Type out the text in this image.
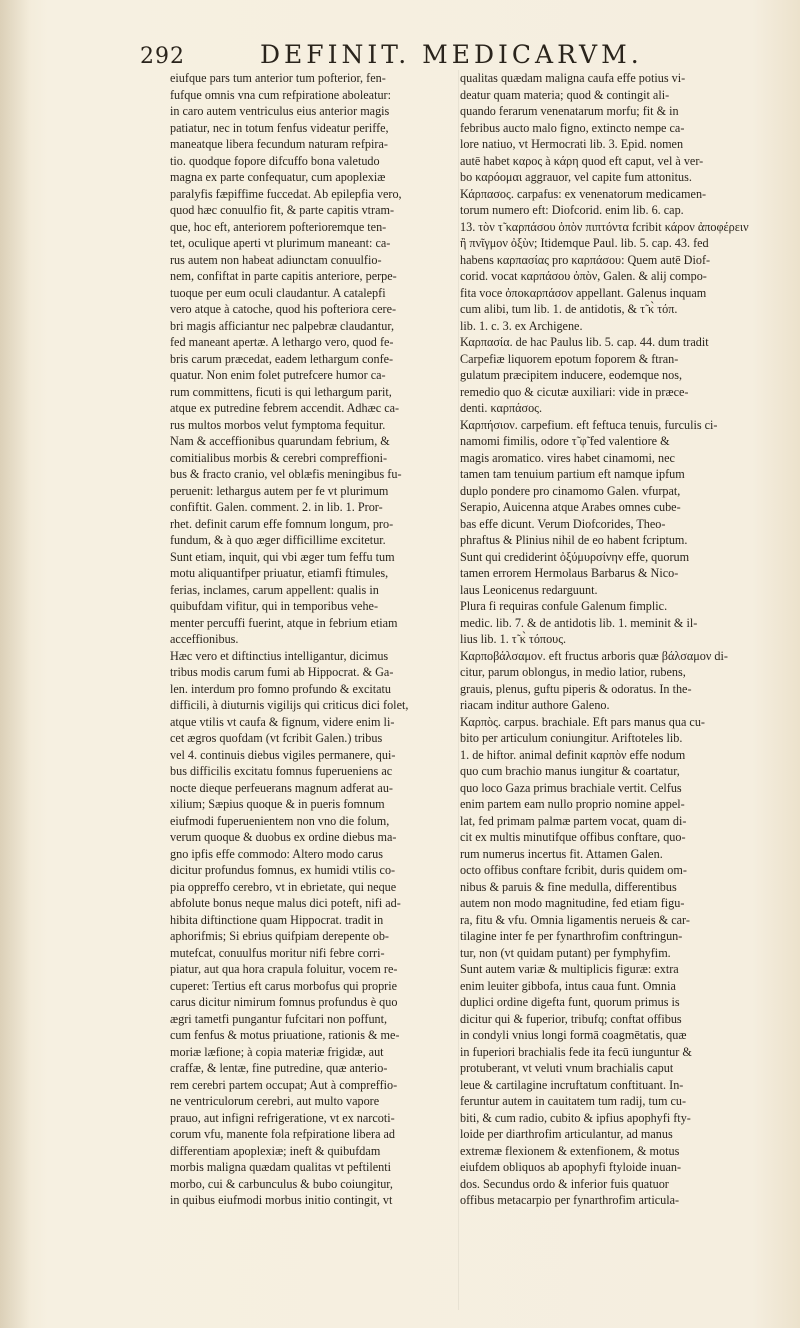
292	DEFINIT. MEDICARVM.
eiufque pars tum anterior tum pofterior, fen-
fufque omnis vna cum refpiratione aboleatur:
in caro autem ventriculus eius anterior magis
patiatur, nec in totum fenfus videatur periffe,
maneatque libera fecundum naturam refpira-
tio. quodque fopore difcuffo bona valetudo
magna ex parte confequatur, cum apoplexiæ
paralyfis fæpiffime fuccedat. Ab epilepfia vero,
quod hæc conuulfio fit, & parte capitis vtram-
que, hoc eft, anteriorem pofterioremque ten-
tet, oculique aperti vt plurimum maneant: ca-
rus autem non habeat adiunctam conuulfio-
nem, confiftat in parte capitis anteriore, perpe-
tuoque per eum oculi claudantur. A catalepfi
vero atque à catoche, quod his pofteriora cere-
bri magis afficiantur nec palpebræ claudantur,
fed maneant apertæ. A lethargo vero, quod fe-
bris carum præcedat, eadem lethargum confe-
quatur. Non enim folet putrefcere humor ca-
rum committens, ficuti is qui lethargum parit,
atque ex putredine febrem accendit. Adhæc ca-
rus multos morbos velut fymptoma fequitur.
Nam & acceffionibus quarundam febrium, &
comitialibus morbis & cerebri compreffioni-
bus & fracto cranio, vel oblæfis meningibus fu-
peruenit: lethargus autem per fe vt plurimum
confiftit. Galen. comment. 2. in lib. 1. Pror-
rhet. definit carum effe fomnum longum, pro-
fundum, & à quo æger difficillime excitetur.
Sunt etiam, inquit, qui vbi æger tum feffu tum
motu aliquantifper priuatur, etiamfi ftimules,
ferias, inclames, carum appellent: qualis in
quibufdam vifitur, qui in temporibus vehe-
menter percuffi fuerint, atque in febrium etiam
acceffionibus.
» Hæc vero et diftinctius intelligantur, dicimus
» tribus modis carum fumi ab Hippocrat. & Ga-
» len. interdum pro fomno profundo & excitatu
» difficili, à diuturnis vigilijs qui criticus dici folet,
» atque vtilis vt caufa & fignum, videre enim li-
» cet ægros quofdam (vt fcribit Galen.) tribus
» vel 4. continuis diebus vigiles permanere, qui-
» bus difficilis excitatu fomnus fuperueniens ac
» nocte dieque perfeuerans magnum adferat au-
» xilium; Sæpius quoque & in pueris fomnum
» eiufmodi fuperuenientem non vno die folum,
» verum quoque & duobus ex ordine diebus ma-
» gno ipfis effe commodo: Altero modo carus
» dicitur profundus fomnus, ex humidi vtilis co-
» pia oppreffo cerebro, vt in ebrietate, qui neque
» abfolute bonus neque malus dici poteft, nifi ad-
» hibita diftinctione quam Hippocrat. tradit in
» aphorifmis; Si ebrius quifpiam derepente ob-
» mutefcat, conuulfus moritur nifi febre corri-
» piatur, aut qua hora crapula foluitur, vocem re-
» cuperet: Tertius eft carus morbofus qui proprie
» carus dicitur nimirum fomnus profundus è quo
» ægri tametfi pungantur fufcitari non poffunt,
» cum fenfus & motus priuatione, rationis & me-
» moriæ læfione; à copia materiæ frigidæ, aut
» craffæ, & lentæ, fine putredine, quæ anterio-
» rem cerebri partem occupat; Aut à compreffio-
» ne ventriculorum cerebri, aut multo vapore
» prauo, aut infigni refrigeratione, vt ex narcoti-
» corum vfu, manente fola refpiratione libera ad
» differentiam apoplexiæ; ineft & quibufdam
» morbis maligna quædam qualitas vt peftilenti
» morbo, cui & carbunculus & bubo coiungitur,
» in quibus eiufmodi morbus initio contingit, vt
qualitas quædam maligna caufa effe potius vi-
deatur quam materia; quod & contingit ali-
quando ferarum venenatarum morfu; fit & in
febribus aucto malo figno, extincto nempe ca-
lore natiuo, vt Hermocrati lib. 3. Epid. nomen
autē habet καρος à κάρη quod eft caput, vel à ver-
bo καρόομαι aggrauor, vel capite fum attonitus.
Κάρπασος. carpafus: ex venenatorum medicamen-
torum numero eft: Diofcorid. enim lib. 6. cap.
13. τὸν τ̃ καρπάσου ὀπὸν πιπτόντα fcribit κάρον ἀποφέρειν
ἢ πνῖγμον ὀξὺν; Itidemque Paul. lib. 5. cap. 43. fed
habens καρπασίας pro καρπάσου: Quem autē Diof-
corid. vocat καρπάσου ὀπὸν, Galen. & alij compo-
fita voce ὀποκαρπάσον appellant. Galenus inquam
cum alibi, tum lib. 1. de antidotis, & τ̃ κ̀ τόπ.
lib. 1. c. 3. ex Archigene.
Καρπασία. de hac Paulus lib. 5. cap. 44. dum tradit
Carpefiæ liquorem epotum foporem & ftran-
gulatum præcipitem inducere, eodemque nos,
remedio quo & cicutæ auxiliari: vide in præce-
denti. καρπάσος.
Καρπήσιον. carpefium. eft feftuca tenuis, furculis ci-
namomi fimilis, odore τ̃ φ̃ fed valentiore &
magis aromatico. vires habet cinamomi, nec
tamen tam tenuium partium eft namque ipfum
duplo pondere pro cinamomo Galen. vfurpat,
Serapio, Auicenna atque Arabes omnes cube-
bas effe dicunt. Verum Diofcorides, Theo-
phraftus & Plinius nihil de eo habent fcriptum.
Sunt qui crediderint ὀξύμυρσίνην effe, quorum
tamen errorem Hermolaus Barbarus & Nico-
laus Leonicenus redarguunt.
Plura fi requiras confule Galenum fimplic.
medic. lib. 7. & de antidotis lib. 1. meminit & il-
lius lib. 1. τ̃ κ̀ τόπους.
Καρποβάλσαμον. eft fructus arboris quæ βάλσαμον di-
citur, parum oblongus, in medio latior, rubens,
grauis, plenus, guftu piperis & odoratus. In the-
riacam inditur authore Galeno.
Καρπὸς. carpus. brachiale. Eft pars manus qua cu-
bito per articulum coniungitur. Ariftoteles lib.
1. de hiftor. animal definit καρπὸν effe nodum
quo cum brachio manus iungitur & coartatur,
quo loco Gaza primus brachiale vertit. Celfus
enim partem eam nullo proprio nomine appel-
lat, fed primam palmæ partem vocat, quam di-
cit ex multis minutifque offibus conftare, quo-
rum numerus incertus fit. Attamen Galen.
octo offibus conftare fcribit, duris quidem om-
nibus & paruis & fine medulla, differentibus
autem non modo magnitudine, fed etiam figu-
ra, fitu & vfu. Omnia ligamentis nerueis & car-
tilagine inter fe per fynarthrofim conftringun-
tur, non (vt quidam putant) per fymphyfim.
Sunt autem variæ & multiplicis figuræ: extra
enim leuiter gibbofa, intus caua funt. Omnia
duplici ordine digefta funt, quorum primus is
dicitur qui & fuperior, tribufq; conftat offibus
in condyli vnius longi formā coagmētatis, quæ
in fuperiori brachialis fede ita fecū iunguntur &
protuberant, vt veluti vnum brachialis caput
leue & cartilagine incruftatum conftituant. In-
feruntur autem in cauitatem tum radij, tum cu-
biti, & cum radio, cubito & ipfius apophyfi fty-
loide per diarthrofim articulantur, ad manus
extremæ flexionem & extenfionem, & motus
eiufdem obliquos ab apophyfi ftyloide inuan-
dos. Secundus ordo & inferior fuis quatuor
offibus metacarpio per fynarthrofim articula-
